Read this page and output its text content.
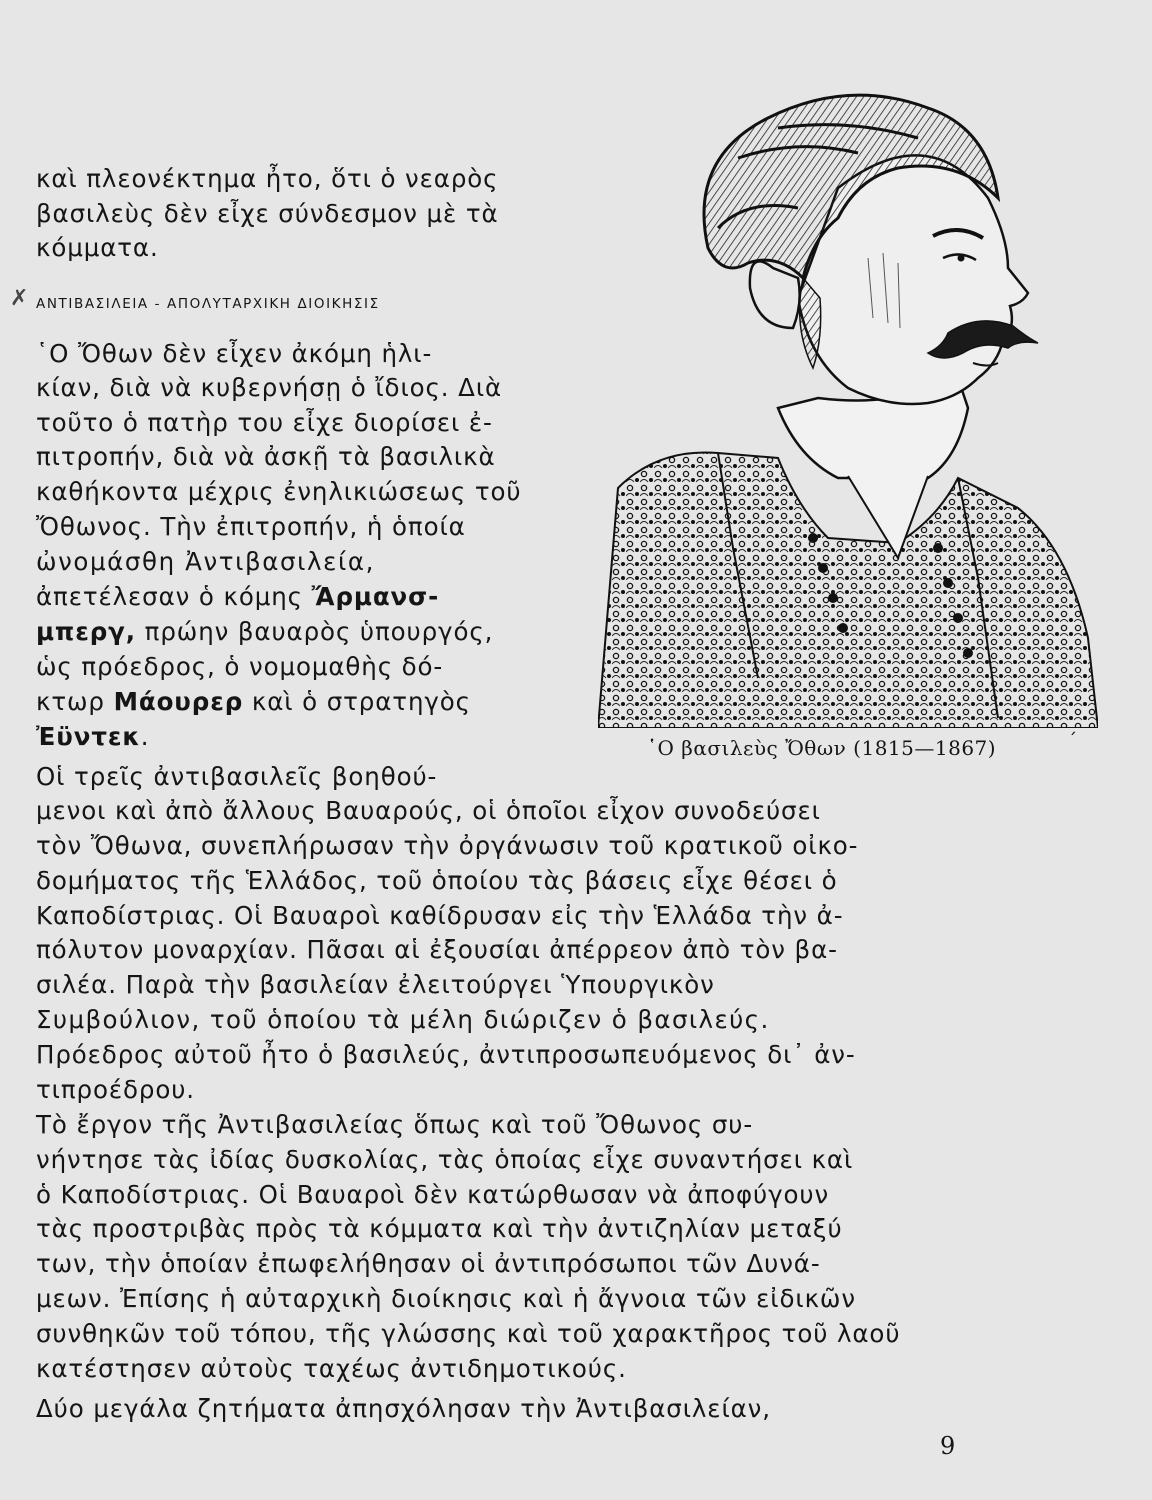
καὶ πλεονέκτημα ἦτο, ὅτι ὁ νεαρὸς
βασιλεὺς δὲν εἶχε σύνδεσμον μὲ τὰ
κόμματα.
✗ ΑΝΤΙΒΑΣΙΛΕΙΑ - ΑΠΟΛΥΤΑΡΧΙΚΗ ΔΙΟΙΚΗΣΙΣ
῾Ο Ὄθων δὲν εἶχεν ἀκόμη ἡλι-
κίαν, διὰ νὰ κυβερνήσῃ ὁ ἴδιος. Διὰ
τοῦτο ὁ πατὴρ του εἶχε διορίσει ἐ-
πιτροπήν, διὰ νὰ ἀσκῇ τὰ βασιλικὰ
καθήκοντα μέχρις ἐνηλικιώσεως τοῦ
Ὄθωνος. Τὴν ἐπιτροπήν, ἡ ὁποία
ὠνομάσθη Ἀντιβασιλεία,
ἀπετέλεσαν ὁ κόμης Ἄρμανσ-
μπεργ, πρώην βαυαρὸς ὑπουργός,
ὡς πρόεδρος, ὁ νομομαθὴς δό-
κτωρ Μάουρερ καὶ ὁ στρατηγὸς
Ἐϋντεκ.
Οἱ τρεῖς ἀντιβασιλεῖς βοηθού-
μενοι καὶ ἀπὸ ἄλλους Βαυαρούς, οἱ ὁποῖοι εἶχον συνοδεύσει
τὸν Ὄθωνα, συνεπλήρωσαν τὴν ὀργάνωσιν τοῦ κρατικοῦ οἰκο-
δομήματος τῆς Ἑλλάδος, τοῦ ὁποίου τὰς βάσεις εἶχε θέσει ὁ
Καποδίστριας. Οἱ Βαυαροὶ καθίδρυσαν εἰς τὴν Ἑλλάδα τὴν ἀ-
πόλυτον μοναρχίαν. Πᾶσαι αἱ ἐξουσίαι ἀπέρρεον ἀπὸ τὸν βα-
σιλέα. Παρὰ τὴν βασιλείαν ἐλειτούργει Ὑπουργικὸν
Συμβούλιον, τοῦ ὁποίου τὰ μέλη διώριζεν ὁ βασιλεύς.
Πρόεδρος αὐτοῦ ἦτο ὁ βασιλεύς, ἀντιπροσωπευόμενος δι᾽ ἀν-
τιπροέδρου.
Τὸ ἔργον τῆς Ἀντιβασιλείας ὅπως καὶ τοῦ Ὄθωνος συ-
νήντησε τὰς ἰδίας δυσκολίας, τὰς ὁποίας εἶχε συναντήσει καὶ
ὁ Καποδίστριας. Οἱ Βαυαροὶ δὲν κατώρθωσαν νὰ ἀποφύγουν
τὰς προστριβὰς πρὸς τὰ κόμματα καὶ τὴν ἀντιζηλίαν μεταξύ
των, τὴν ὁποίαν ἐπωφελήθησαν οἱ ἀντιπρόσωποι τῶν Δυνά-
μεων. Ἐπίσης ἡ αὐταρχικὴ διοίκησις καὶ ἡ ἄγνοια τῶν εἰδικῶν
συνθηκῶν τοῦ τόπου, τῆς γλώσσης καὶ τοῦ χαρακτῆρος τοῦ λαοῦ
κατέστησεν αὐτοὺς ταχέως ἀντιδημοτικούς.
Δύο μεγάλα ζητήματα ἀπησχόλησαν τὴν Ἀντιβασιλείαν,
῾Ο βασιλεὺς Ὄθων (1815—1867)	´
9
